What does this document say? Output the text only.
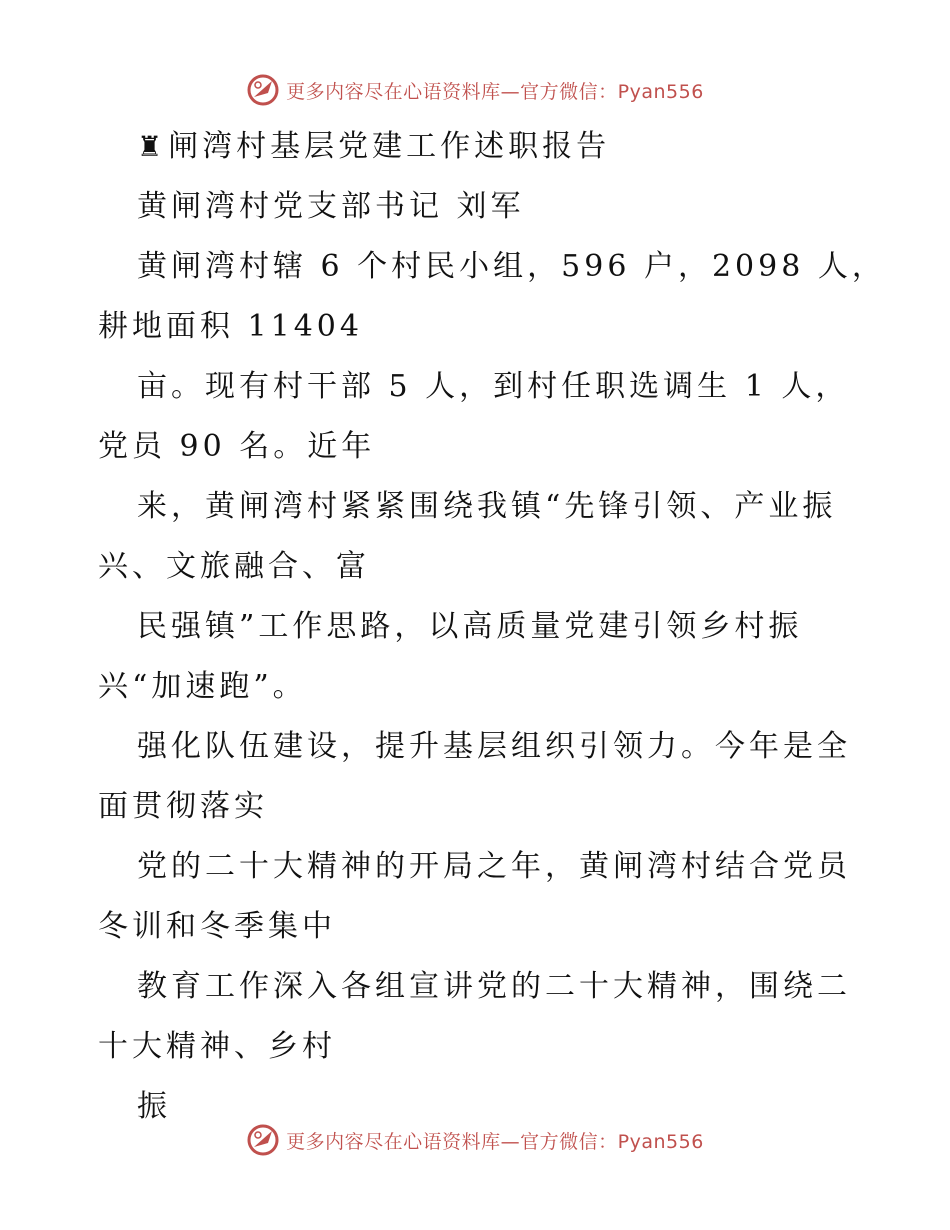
更多内容尽在心语资料库—官方微信：Pyan556
♜闸湾村基层党建工作述职报告
黄闸湾村党支部书记 刘军
黄闸湾村辖 6 个村民小组，596 户，2098 人，
耕地面积 11404
亩。现有村干部 5 人，到村任职选调生 1 人，
党员 90 名。近年
来，黄闸湾村紧紧围绕我镇“先锋引领、产业振
兴、文旅融合、富
民强镇”工作思路，以高质量党建引领乡村振
兴“加速跑”。
强化队伍建设，提升基层组织引领力。今年是全
面贯彻落实
党的二十大精神的开局之年，黄闸湾村结合党员
冬训和冬季集中
教育工作深入各组宣讲党的二十大精神，围绕二
十大精神、乡村
振
更多内容尽在心语资料库—官方微信：Pyan556
